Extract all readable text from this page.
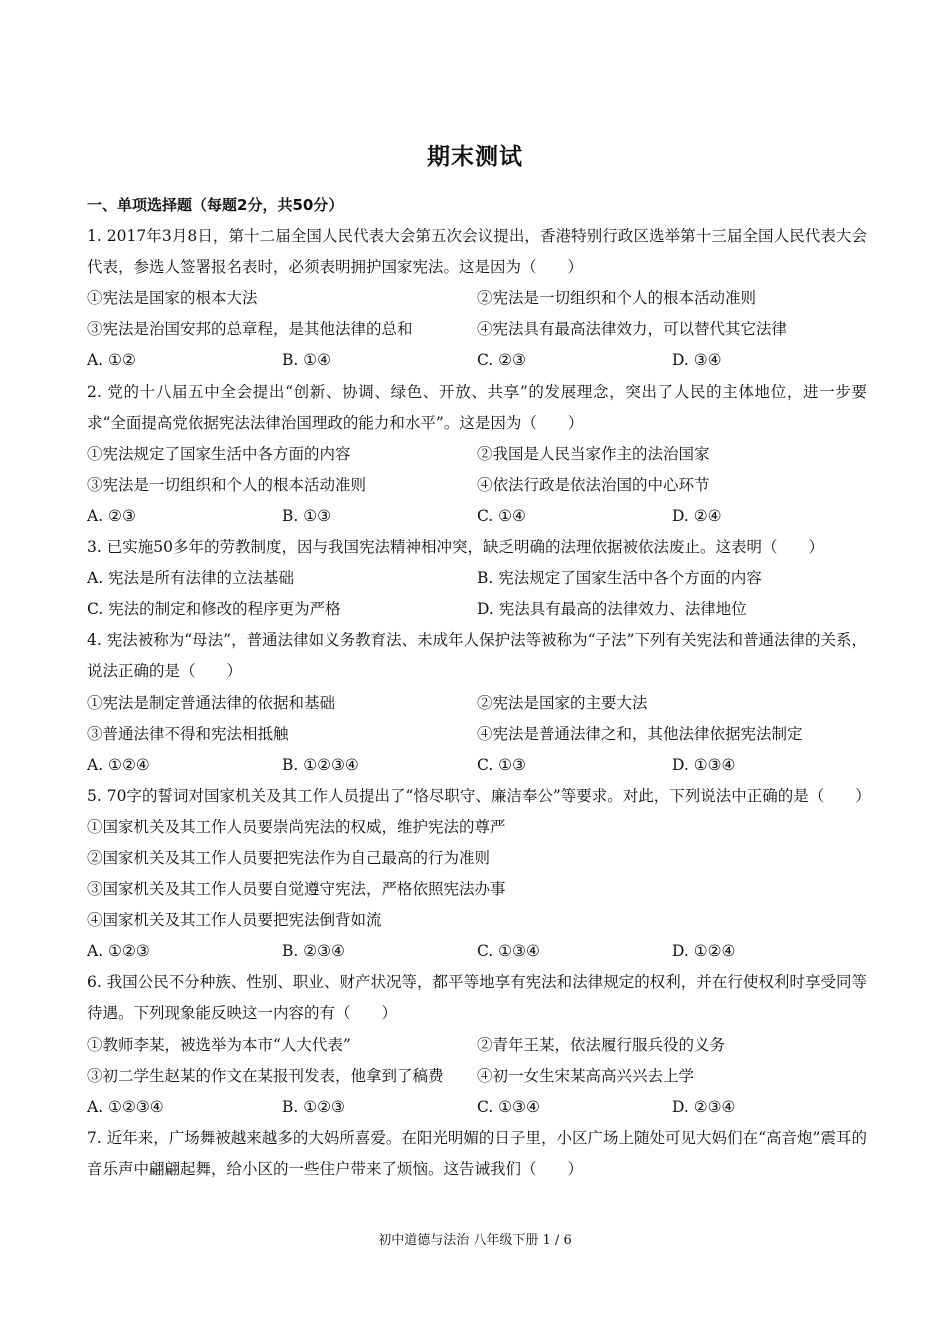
期末测试
一、单项选择题（每题2分，共50分）
1. 2017年3月8日，第十二届全国人民代表大会第五次会议提出，香港特别行政区选举第十三届全国人民代表大会代表，参选人签署报名表时，必须表明拥护国家宪法。这是因为（　　）
①宪法是国家的根本大法	②宪法是一切组织和个人的根本活动准则
③宪法是治国安邦的总章程，是其他法律的总和	④宪法具有最高法律效力，可以替代其它法律
A. ①②	B. ①④	C. ②③	D. ③④
2. 党的十八届五中全会提出“创新、协调、绿色、开放、共享”的发展理念，突出了人民的主体地位，进一步要求“全面提高党依据宪法法律治国理政的能力和水平”。这是因为（　　）
①宪法规定了国家生活中各方面的内容	②我国是人民当家作主的法治国家
③宪法是一切组织和个人的根本活动准则	④依法行政是依法治国的中心环节
A. ②③	B. ①③	C. ①④	D. ②④
3. 已实施50多年的劳教制度，因与我国宪法精神相冲突，缺乏明确的法理依据被依法废止。这表明（　　）
A. 宪法是所有法律的立法基础	B. 宪法规定了国家生活中各个方面的内容
C. 宪法的制定和修改的程序更为严格	D. 宪法具有最高的法律效力、法律地位
4. 宪法被称为“母法”，普通法律如义务教育法、未成年人保护法等被称为“子法”下列有关宪法和普通法律的关系，说法正确的是（　　）
①宪法是制定普通法律的依据和基础	②宪法是国家的主要大法
③普通法律不得和宪法相抵触	④宪法是普通法律之和，其他法律依据宪法制定
A. ①②④	B. ①②③④	C. ①③	D. ①③④
5. 70字的誓词对国家机关及其工作人员提出了“恪尽职守、廉洁奉公”等要求。对此，下列说法中正确的是（　　）
①国家机关及其工作人员要崇尚宪法的权威，维护宪法的尊严
②国家机关及其工作人员要把宪法作为自己最高的行为准则
③国家机关及其工作人员要自觉遵守宪法，严格依照宪法办事
④国家机关及其工作人员要把宪法倒背如流
A. ①②③	B. ②③④	C. ①③④	D. ①②④
6. 我国公民不分种族、性别、职业、财产状况等，都平等地享有宪法和法律规定的权利，并在行使权利时享受同等待遇。下列现象能反映这一内容的有（　　）
①教师李某，被选举为本市“人大代表”	②青年王某，依法履行服兵役的义务
③初二学生赵某的作文在某报刊发表，他拿到了稿费	④初一女生宋某高高兴兴去上学
A. ①②③④	B. ①②③	C. ①③④	D. ②③④
7. 近年来，广场舞被越来越多的大妈所喜爱。在阳光明媚的日子里，小区广场上随处可见大妈们在“高音炮”震耳的音乐声中翩翩起舞，给小区的一些住户带来了烦恼。这告诫我们（　　）
初中道德与法治 八年级下册 1 / 6
